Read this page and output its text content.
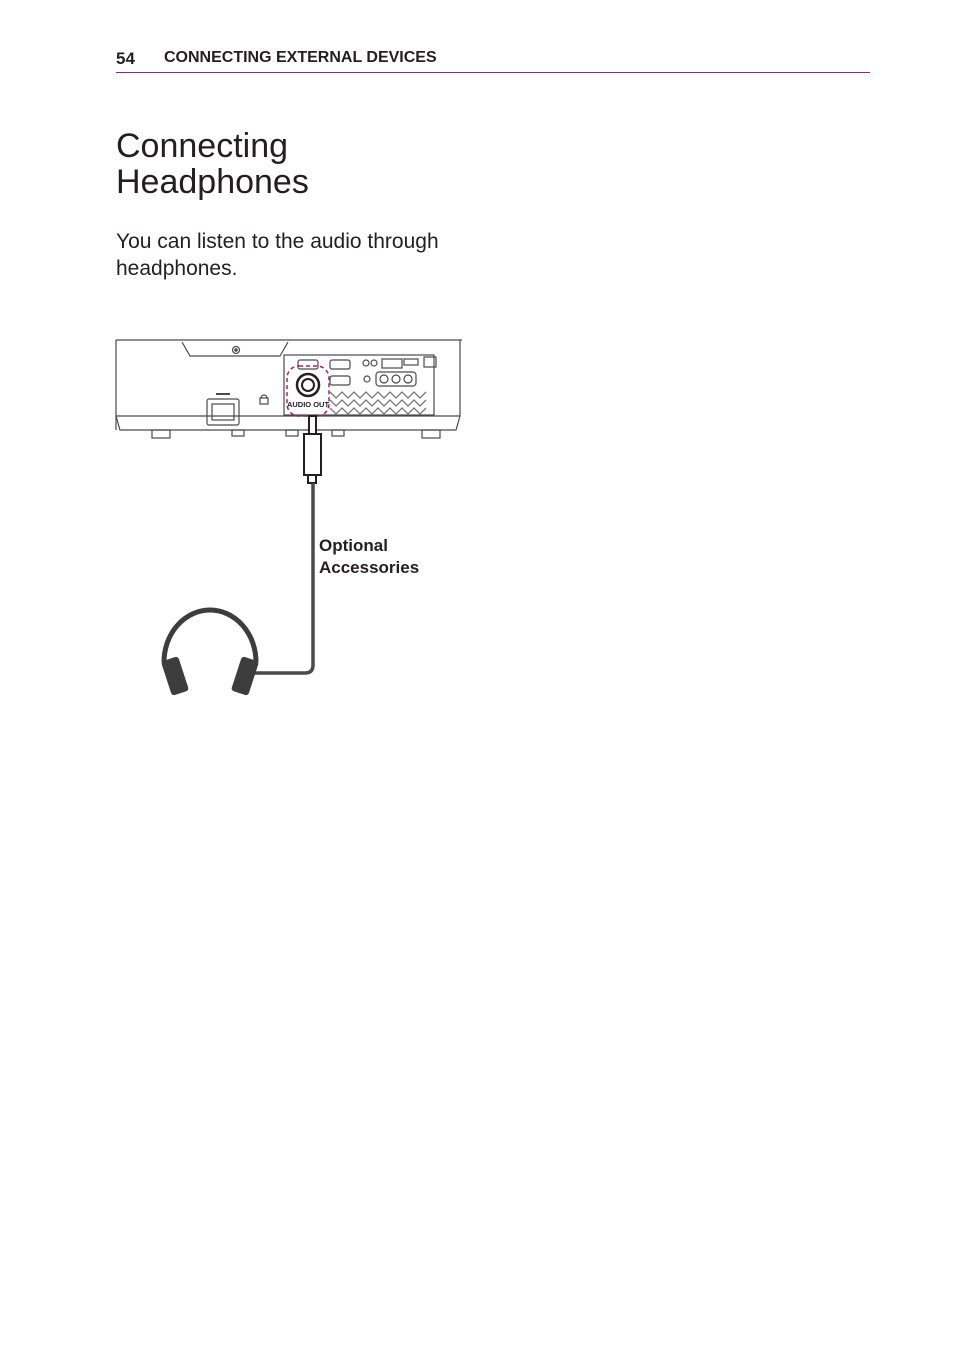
54 CONNECTING EXTERNAL DEVICES
Connecting
Headphones

You can listen to the audio through
headphones.

AUDIO OUT
Optional
Accessories
